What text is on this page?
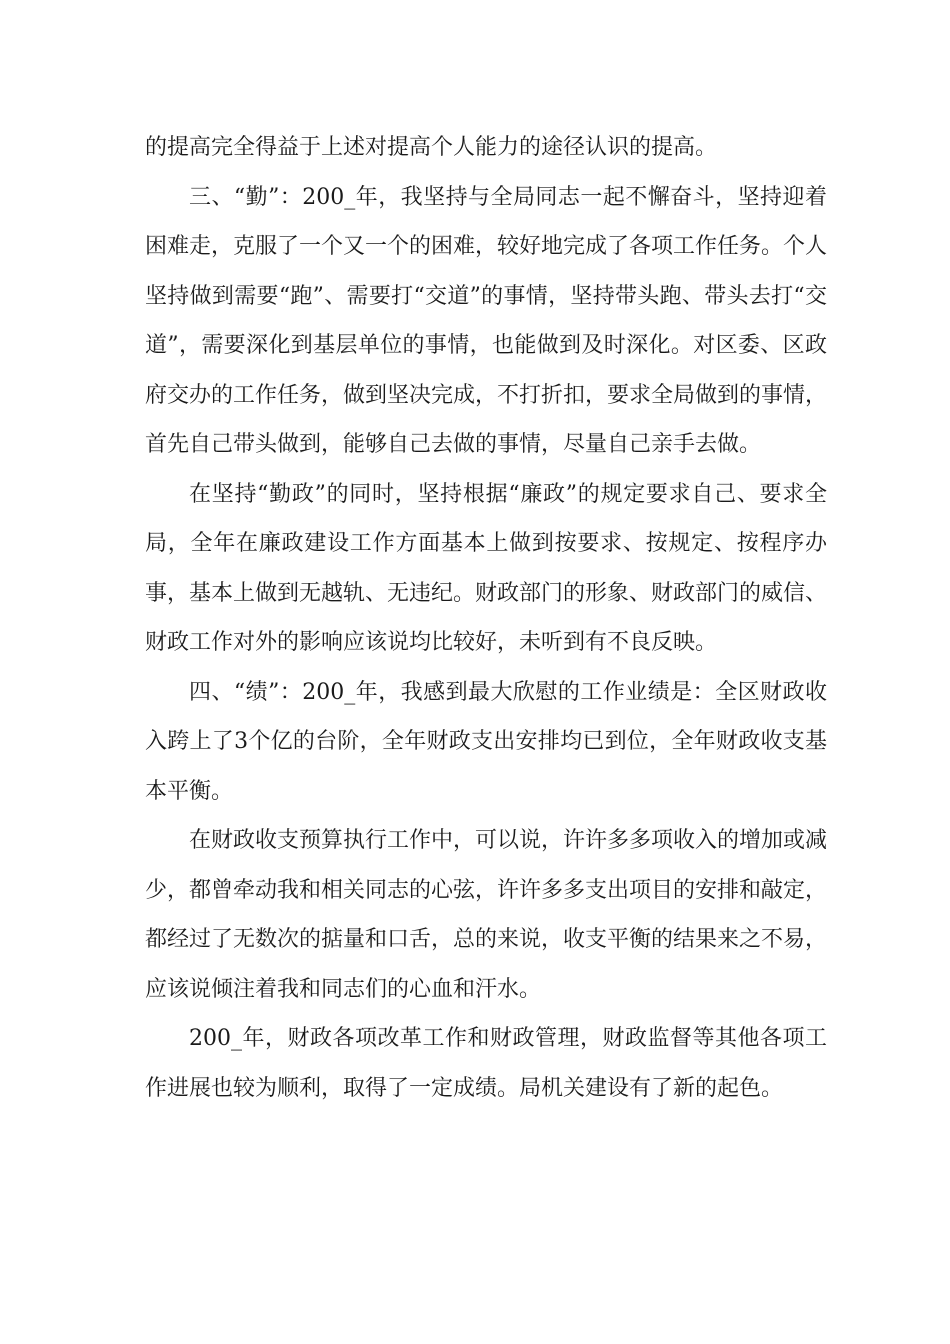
的提高完全得益于上述对提高个人能力的途径认识的提高。

三、“勤”：200_年，我坚持与全局同志一起不懈奋斗，坚持迎着困难走，克服了一个又一个的困难，较好地完成了各项工作任务。个人坚持做到需要“跑”、需要打“交道”的事情，坚持带头跑、带头去打“交道”，需要深化到基层单位的事情，也能做到及时深化。对区委、区政府交办的工作任务，做到坚决完成，不打折扣，要求全局做到的事情，首先自己带头做到，能够自己去做的事情，尽量自己亲手去做。

在坚持“勤政”的同时，坚持根据“廉政”的规定要求自己、要求全局，全年在廉政建设工作方面基本上做到按要求、按规定、按程序办事，基本上做到无越轨、无违纪。财政部门的形象、财政部门的威信、财政工作对外的影响应该说均比较好，未听到有不良反映。

四、“绩”：200_年，我感到最大欣慰的工作业绩是：全区财政收入跨上了3个亿的台阶，全年财政支出安排均已到位，全年财政收支基本平衡。

在财政收支预算执行工作中，可以说，许许多多项收入的增加或减少，都曾牵动我和相关同志的心弦，许许多多支出项目的安排和敲定，都经过了无数次的掂量和口舌，总的来说，收支平衡的结果来之不易，应该说倾注着我和同志们的心血和汗水。

200_年，财政各项改革工作和财政管理，财政监督等其他各项工作进展也较为顺利，取得了一定成绩。局机关建设有了新的起色。
